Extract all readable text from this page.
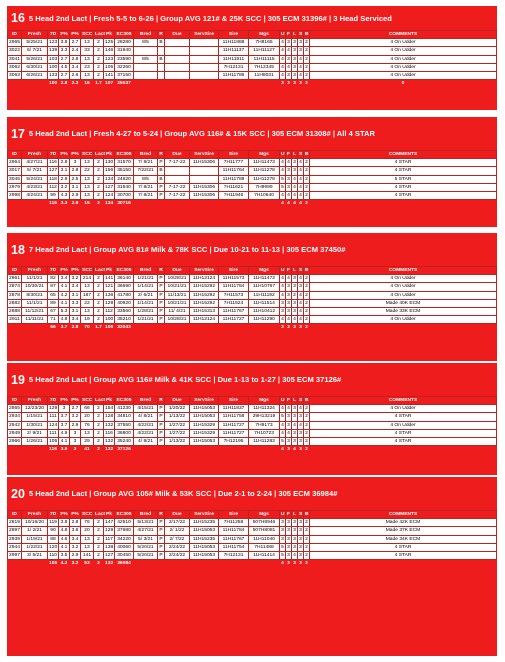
16 5 Head 2nd Lact | Fresh 5-5 to 6-26 | Group AVG 121# & 25K SCC | 305 ECM 31396# | 3 Head Serviced
ID	Fresh	7D	F%	P%	SCC	Lact	Pk	EC305	Bred	R	Due	ServSire	Sire	Mgs	U	F	L	S	B	COMMENTS
2965	5/25/21	123	3.8	2.7	13	2	125	28280	8/5	B			11H11888	7H8165	4	3	3	3	2	4 On Udder
3022	6/ 7/21	139	3.3	2.4	33	2	146	31940					11H11137	11H11127	4	4	3	3	2	4 On Udder
3041	5/26/21	103	2.7	2.8	13	2	123	23590	8/5	B			11H11911	11H11115	4	3	3	4	2	4 On Udder
3062	6/30/21	100	4.5	3.4	23	2	105	32260					7H12131	7H12345	4	4	3	4	2	4 On Udder
3063	6/26/21	133	2.7	2.6	13	2	141	37150					11H11786	11H8031	4	3	3	4	2	4 On Udder
		100	2.8	2.3	16	1.7	107	25537							3	3	3	3	2	0
17 5 Head 2nd Lact | Fresh 4-27 to 5-24 | Group AVG 116# & 15K SCC | 305 ECM 31308# | All 4 STAR
ID	Fresh	7D	F%	P%	SCC	Lact	Pk	EC305	Bred	R	Due	ServSire	Sire	Mgs	U	F	L	S	B	COMMENTS
2964	4/27/21	116	2.8	3	13	2	130	31570	7/ 8/21	P	7-17-22	11H15306	7H11777	11H11473	4	4	3	4	2	4 STAR
3017	5/ 7/21	127	3.1	2.8	22	2	156	35150	7/22/21	B			11H11764	11H11278	4	3	3	4	2	4 STAR
3045	5/24/21	118	2.9	2.5	13	2	134	24620	8/5	B			11H11788	11H11278	5	3	4	4	2	5 STAR
2979	4/23/21	112	3.2	3.1	13	2	127	31540	7/ 8/21	P	7-17-22	11H15306	7H11621	7H9999	5	3	4	4	2	4 STAR
2998	4/24/21	99	4.3	2.9	13	2	124	30700	7/ 8/21	P	7-17-22	11H15306	7H11946	7H10640	4	4	4	4	2	4 STAR
		116	3.3	2.9	15	2	134	30716							4	4	4	4	2	
18 7 Head 2nd Lact | Group AVG 81# Milk & 78K SCC | Due 10-21 to 11-13 | 305 ECM 37450#
ID	Fresh	7D	F%	P%	SCC	Lact	Pk	EC305	Bred	R	Due	ServSire	Sire	Mgs	U	F	L	S	B	COMMENTS
2861	11/1/21	82	3.4	3.2	214	2	141	36140	1/21/21	P	10/28/21	11H12124	11H11573	11H11473	4	4	3	4	2	4 On Udder
2874	10/30/21	87	4.1	3.4	13	2	121	36690	1/14/21	P	10/21/21	11H15292	11H11784	11H10767	4	3	3	3	2	4 On Udder
2878	8/30/21	65	4.2	3.1	187	2	136	41780	2/ 6/21	P	11/13/21	11H15292	7H11573	11H11192	4	3	2	4	2	4 On Udder
2882	11/1/21	89	4.1	3.3	22	2	129	40920	1/14/21	P	10/21/21	11H15292	7H11524	11H11514	3	3	3	4	2	Made 40K ECM
2888	11/12/21	67	5.3	3.1	13	2	112	33560	1/28/21	P	11/ 4/21	11H15313	11H11767	11H10412	3	3	3	4	2	Made 33K ECM
2911	11/11/21	71	4.8	3.4	19	2	100	35210	1/21/21	P	10/28/21	11H12124	11H11727	11H11290	4	4	4	4	2	4 On Udder
		66	3.7	2.8	70	1.7	106	32043							3	3	3	3	2	
19 5 Head 2nd Lact | Group AVG 116# Milk & 41K SCC | Due 1-13 to 1-27 | 305 ECM 37126#
ID	Fresh	7D	F%	P%	SCC	Lact	Pk	EC305	Bred	R	Due	ServSire	Sire	Mgs	U	F	L	S	B	COMMENTS
2865	12/23/20	129	3	2.7	66	2	154	41230	4/15/21	P	1/20/22	11H15053	11H11837	11H11324	4	4	3	4	2	4 On Udder
2934	1/15/21	111	3.7	3.2	20	2	128	34810	4/ 8/21	P	1/13/22	11H15053	11H11758	29H13219	5	3	3	3	2	4 STAR
2942	1/30/21	124	3.7	2.9	76	2	132	37550	4/22/21	P	1/27/22	11H15329	11H11727	7H9173	4	3	4	4	2	4 On Udder
2949	2/ 9/21	111	4.9	3	13	2	116	36800	4/22/21	P	1/27/22	11H15329	11H11727	7H10723	4	4	3	3	2	4 STAR
2966	1/26/21	105	4.1	3	29	2	132	35240	4/ 8/21	P	1/13/22	11H15053	7H12195	11H11283	5	3	3	3	2	4 STAR
		116	3.9	3	41	2	132	37126							4	3	4	3	2	
20 5 Head 2nd Lact | Group AVG 105# Milk & 53K SCC | Due 2-1 to 2-24 | 305 ECM 36984#
ID	Fresh	7D	F%	P%	SCC	Lact	Pk	EC305	Bred	R	Due	ServSire	Sire	Mgs	U	F	L	S	B	COMMENTS
2819	10/16/20	119	3.8	2.8	76	2	147	42510	5/13/21	P	2/17/22	11H15235	7H11258	507H8946	3	3	3	3	2	Made 42K ECM
2897	1/ 2/21	90	4.8	3.6	20	2	129	37680	4/27/21	P	2/ 1/22	11H15053	11H11784	507H8081	3	3	3	3	2	Made 37K ECM
2939	1/19/21	88	4.6	3.4	13	2	117	34220	5/ 3/21	P	2/ 7/22	11H15235	11H11767	11H11040	3	3	3	3	2	Made 34K ECM
2944	1/22/21	120	4.1	3.2	13	2	138	40060	5/20/21	P	2/24/22	11H15053	11H11754	7H11488	5	3	3	3	2	4 STAR
2997	3/ 5/21	110	3.5	2.9	141	2	127	30450	5/20/21	P	2/24/22	11H15053	7H12131	11H11414	5	3	4	3	2	4 STAR
		105	4.2	3.2	53	2	132	36984							4	3	3	3	2	
